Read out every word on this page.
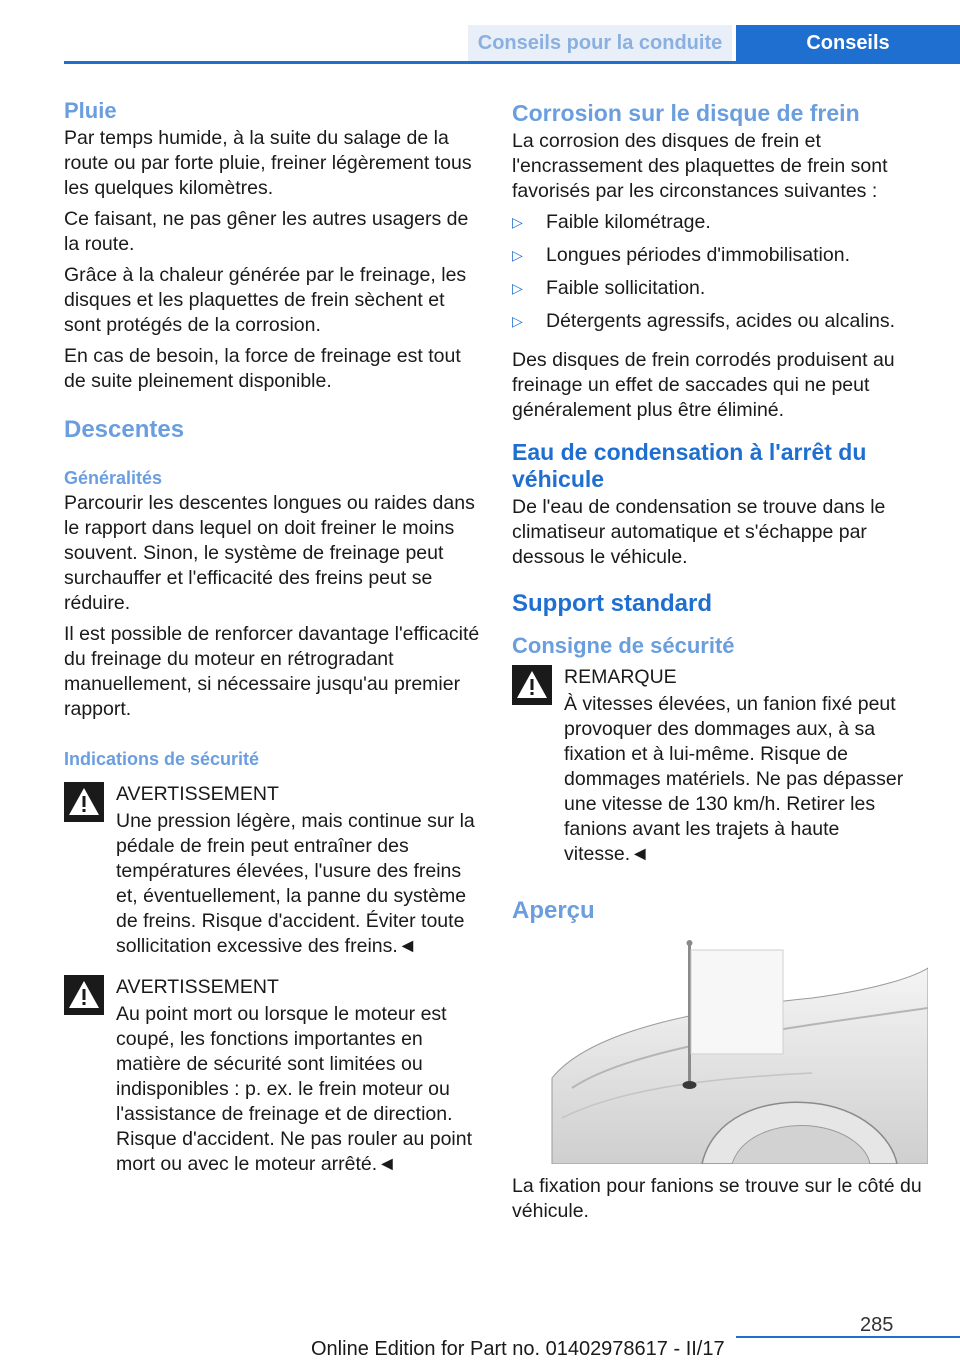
Conseils pour la conduite	Conseils
Pluie

Par temps humide, à la suite du salage de la route ou par forte pluie, freiner légèrement tous les quelques kilomètres.

Ce faisant, ne pas gêner les autres usagers de la route.

Grâce à la chaleur générée par le freinage, les disques et les plaquettes de frein sèchent et sont protégés de la corrosion.

En cas de besoin, la force de freinage est tout de suite pleinement disponible.

Descentes
Généralités

Parcourir les descentes longues ou raides dans le rapport dans lequel on doit freiner le moins souvent. Sinon, le système de freinage peut surchauffer et l'efficacité des freins peut se réduire.

Il est possible de renforcer davantage l'efficacité du freinage du moteur en rétrogradant manuellement, si nécessaire jusqu'au premier rapport.

Indications de sécurité
AVERTISSEMENT
Une pression légère, mais continue sur la pédale de frein peut entraîner des températures élevées, l'usure des freins et, éventuellement, la panne du système de freins. Risque d'accident. Éviter toute sollicitation excessive des freins.◄
AVERTISSEMENT
Au point mort ou lorsque le moteur est coupé, les fonctions importantes en matière de sécurité sont limitées ou indisponibles : p. ex. le frein moteur ou l'assistance de freinage et de direction. Risque d'accident. Ne pas rouler au point mort ou avec le moteur arrêté.◄
Corrosion sur le disque de frein

La corrosion des disques de frein et l'encrassement des plaquettes de frein sont favorisés par les circonstances suivantes :

▷ Faible kilométrage.
▷ Longues périodes d'immobilisation.
▷ Faible sollicitation.
▷ Détergents agressifs, acides ou alcalins.

Des disques de frein corrodés produisent au freinage un effet de saccades qui ne peut généralement plus être éliminé.

Eau de condensation à l'arrêt du véhicule

De l'eau de condensation se trouve dans le climatiseur automatique et s'échappe par dessous le véhicule.

Support standard
Consigne de sécurité
REMARQUE
À vitesses élevées, un fanion fixé peut provoquer des dommages aux, à sa fixation et à lui-même. Risque de dommages matériels. Ne pas dépasser une vitesse de 130 km/h. Retirer les fanions avant les trajets à haute vitesse.◄
Aperçu

La fixation pour fanions se trouve sur le côté du véhicule.

285
Online Edition for Part no. 01402978617 - II/17
